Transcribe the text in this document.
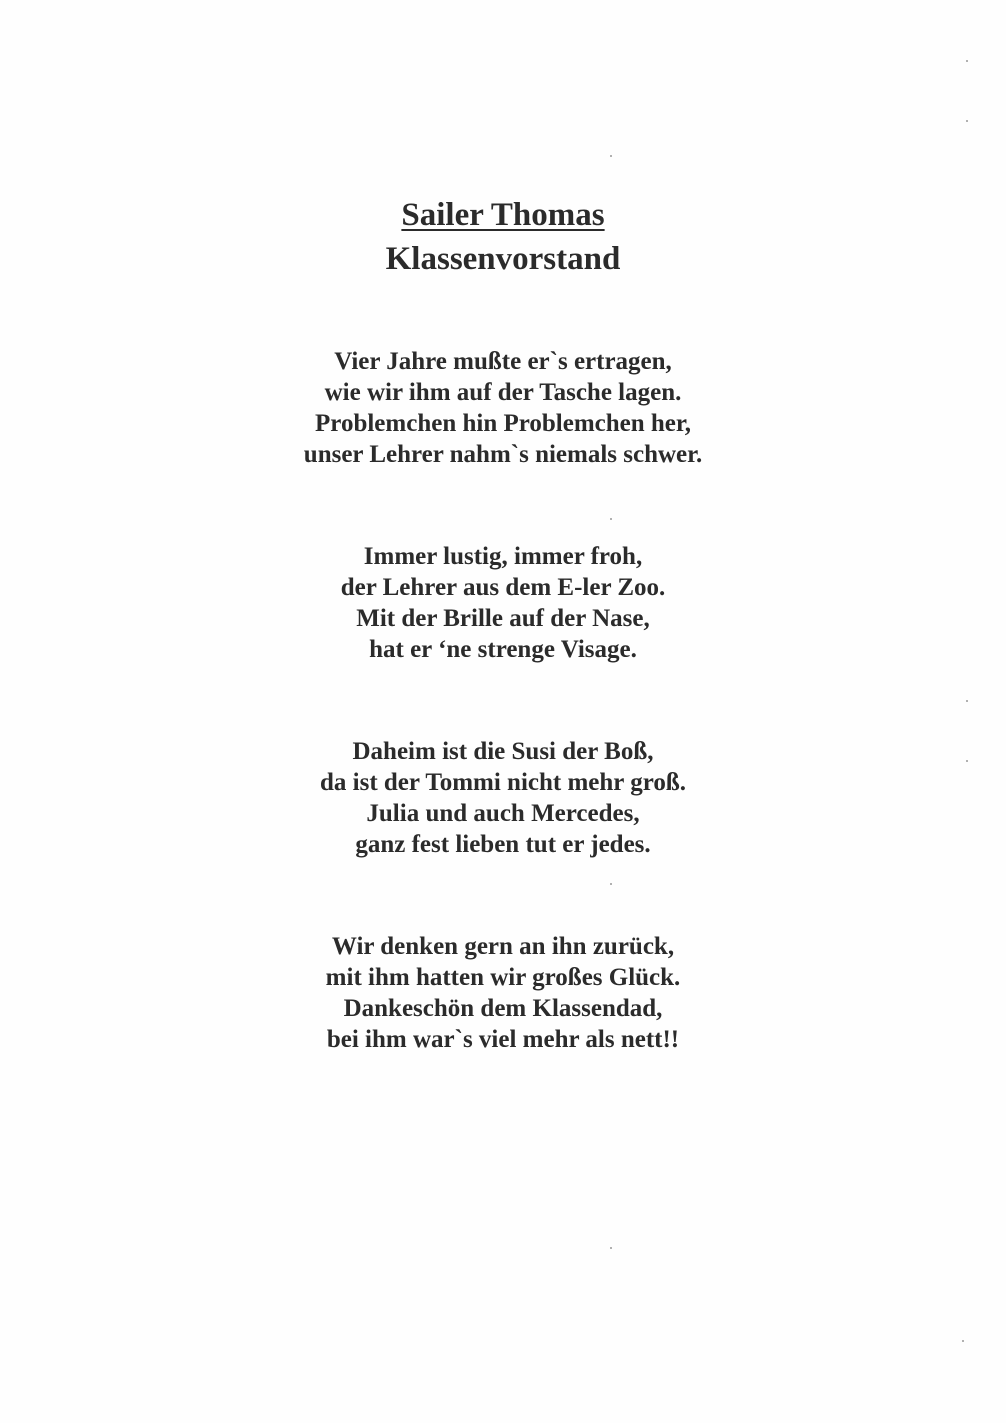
Sailer Thomas
Klassenvorstand
Vier Jahre mußte er`s ertragen,
wie wir ihm auf der Tasche lagen.
Problemchen hin Problemchen her,
unser Lehrer nahm`s niemals schwer.
Immer lustig, immer froh,
der Lehrer aus dem E-ler Zoo.
Mit der Brille auf der Nase,
hat er ‘ne strenge Visage.
Daheim ist die Susi der Boß,
da ist der Tommi nicht mehr groß.
Julia und auch Mercedes,
ganz fest lieben tut er jedes.
Wir denken gern an ihn zurück,
mit ihm hatten wir großes Glück.
Dankeschön dem Klassendad,
bei ihm war`s viel mehr als nett!!
